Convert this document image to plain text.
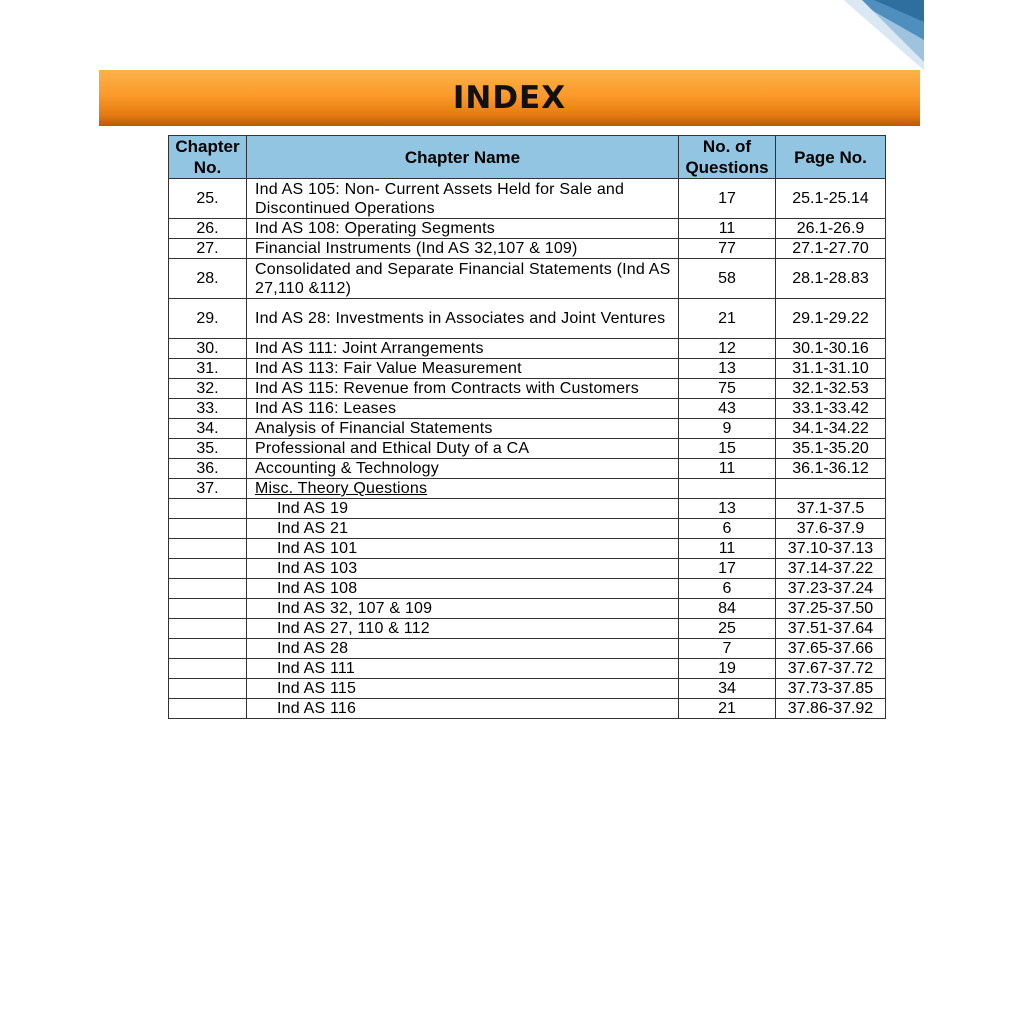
INDEX
Chapter No.	Chapter Name	No. of Questions	Page No.
25.	Ind AS 105: Non- Current Assets Held for Sale and Discontinued Operations	17	25.1-25.14
26.	Ind AS 108: Operating Segments	11	26.1-26.9
27.	Financial Instruments (Ind AS 32,107 & 109)	77	27.1-27.70
28.	Consolidated and Separate Financial Statements (Ind AS 27,110 &112)	58	28.1-28.83
29.	Ind AS 28: Investments in Associates and Joint Ventures	21	29.1-29.22
30.	Ind AS 111: Joint Arrangements	12	30.1-30.16
31.	Ind AS 113: Fair Value Measurement	13	31.1-31.10
32.	Ind AS 115: Revenue from Contracts with Customers	75	32.1-32.53
33.	Ind AS 116: Leases	43	33.1-33.42
34.	Analysis of Financial Statements	9	34.1-34.22
35.	Professional and Ethical Duty of a CA	15	35.1-35.20
36.	Accounting & Technology	11	36.1-36.12
37.	Misc. Theory Questions		
	Ind AS 19	13	37.1-37.5
	Ind AS 21	6	37.6-37.9
	Ind AS 101	11	37.10-37.13
	Ind AS 103	17	37.14-37.22
	Ind AS 108	6	37.23-37.24
	Ind AS 32, 107 & 109	84	37.25-37.50
	Ind AS 27, 110 & 112	25	37.51-37.64
	Ind AS 28	7	37.65-37.66
	Ind AS 111	19	37.67-37.72
	Ind AS 115	34	37.73-37.85
	Ind AS 116	21	37.86-37.92
